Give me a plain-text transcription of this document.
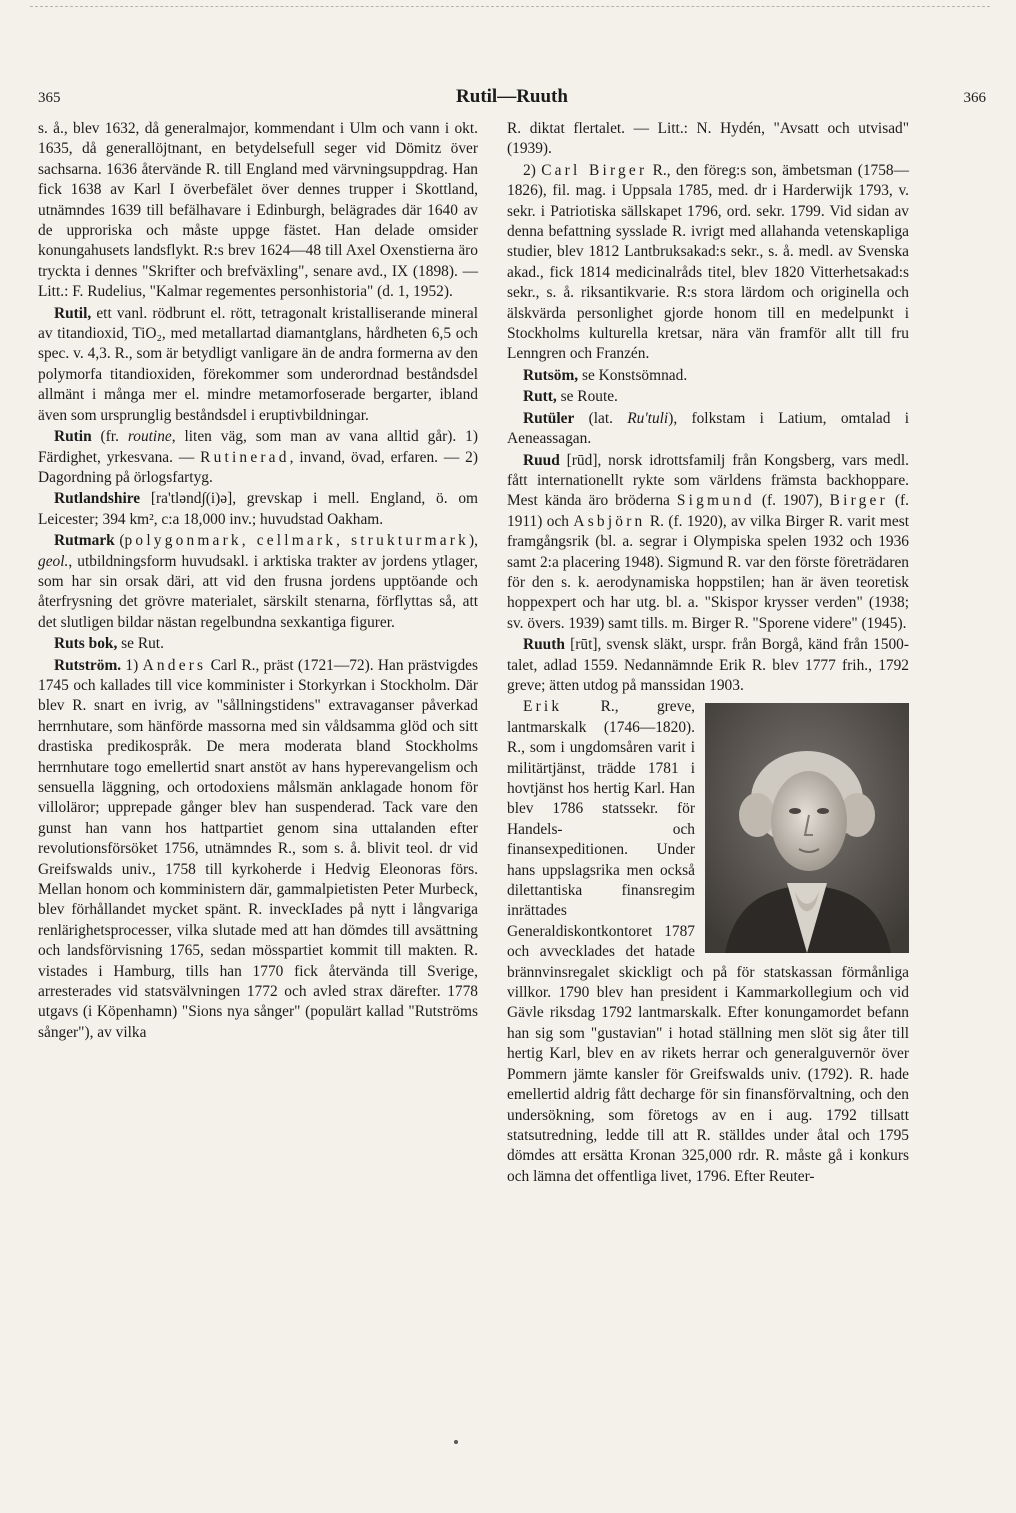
365	Rutil—Ruuth	366

s. å., blev 1632, då generalmajor, kommendant i Ulm och vann i okt. 1635, då generallöjtnant, en betydelsefull seger vid Dömitz över sachsarna. 1636 återvände R. till England med värvningsuppdrag. Han fick 1638 av Karl I överbefälet över dennes trupper i Skottland, utnämndes 1639 till befälhavare i Edinburgh, belägrades där 1640 av de upproriska och måste uppge fästet. Han delade omsider konungahusets landsflykt. R:s brev 1624—48 till Axel Oxenstierna äro tryckta i dennes "Skrifter och brefväxling", senare avd., IX (1898). — Litt.: F. Rudelius, "Kalmar regementes personhistoria" (d. 1, 1952).

Rutil, ett vanl. rödbrunt el. rött, tetragonalt kristalliserande mineral av titandioxid, TiO₂, med metallartad diamantglans, hårdheten 6,5 och spec. v. 4,3. R., som är betydligt vanligare än de andra formerna av den polymorfa titandioxiden, förekommer som underordnad beståndsdel allmänt i många mer el. mindre metamorfoserade bergarter, ibland även som ursprunglig beståndsdel i eruptivbildningar.

Rutin (fr. routine, liten väg, som man av vana alltid går). 1) Färdighet, yrkesvana. — Rutinerad, invand, övad, erfaren. — 2) Dagordning på örlogsfartyg.

Rutlandshire [ra'tlənd∫(i)ə], grevskap i mell. England, ö. om Leicester; 394 km², c:a 18,000 inv.; huvudstad Oakham.

Rutmark (polygonmark, cellmark, strukturmark), geol., utbildningsform huvudsakl. i arktiska trakter av jordens ytlager, som har sin orsak däri, att vid den frusna jordens upptöande och återfrysning det grövre materialet, särskilt stenarna, förflyttas så, att det slutligen bildar nästan regelbundna sexkantiga figurer.

Ruts bok, se Rut.

Rutström. 1) Anders Carl R., präst (1721—72). Han prästvigdes 1745 och kallades till vice komminister i Storkyrkan i Stockholm. Där blev R. snart en ivrig, av "sållningstidens" extravaganser påverkad herrnhutare, som hänförde massorna med sin våldsamma glöd och sitt drastiska predikospråk. De mera moderata bland Stockholms herrnhutare togo emellertid snart anstöt av hans hyperevangelism och sensuella läggning, och ortodoxiens målsmän anklagade honom för villoläror; upprepade gånger blev han suspenderad. Tack vare den gunst han vann hos hattpartiet genom sina uttalanden efter revolutionsförsöket 1756, utnämndes R., som s. å. blivit teol. dr vid Greifswalds univ., 1758 till kyrkoherde i Hedvig Eleonoras förs. Mellan honom och komministern där, gammalpietisten Peter Murbeck, blev förhållandet mycket spänt. R. inveckIades på nytt i långvariga renlärighetsprocesser, vilka slutade med att han dömdes till avsättning och landsförvisning 1765, sedan mösspartiet kommit till makten. R. vistades i Hamburg, tills han 1770 fick återvända till Sverige, arresterades vid statsvälvningen 1772 och avled strax därefter. 1778 utgavs (i Köpenhamn) "Sions nya sånger" (populärt kallad "Rutströms sånger"), av vilka

R. diktat flertalet. — Litt.: N. Hydén, "Avsatt och utvisad" (1939).

2) Carl Birger R., den föreg:s son, ämbetsman (1758—1826), fil. mag. i Uppsala 1785, med. dr i Harderwijk 1793, v. sekr. i Patriotiska sällskapet 1796, ord. sekr. 1799. Vid sidan av denna befattning sysslade R. ivrigt med allahanda vetenskapliga studier, blev 1812 Lantbruksakad:s sekr., s. å. medl. av Svenska akad., fick 1814 medicinalråds titel, blev 1820 Vitterhetsakad:s sekr., s. å. riksantikvarie. R:s stora lärdom och originella och älskvärda personlighet gjorde honom till en medelpunkt i Stockholms kulturella kretsar, nära vän framför allt till fru Lenngren och Franzén.

Rutsöm, se Konstsömnad.

Rutt, se Route.

Rutüler (lat. Ru'tuli), folkstam i Latium, omtalad i Aeneassagan.

Ruud [rūd], norsk idrottsfamilj från Kongsberg, vars medl. fått internationellt rykte som världens främsta backhoppare. Mest kända äro bröderna Sigmund (f. 1907), Birger (f. 1911) och Asbjörn R. (f. 1920), av vilka Birger R. varit mest framgångsrik (bl. a. segrar i Olympiska spelen 1932 och 1936 samt 2:a placering 1948). Sigmund R. var den förste företrädaren för den s. k. aerodynamiska hoppstilen; han är även teoretisk hoppexpert och har utg. bl. a. "Skispor krysser verden" (1938; sv. övers. 1939) samt tills. m. Birger R. "Sporene videre" (1945).

Ruuth [rūt], svensk släkt, urspr. från Borgå, känd från 1500-talet, adlad 1559. Nedannämnde Erik R. blev 1777 frih., 1792 greve; ätten utdog på manssidan 1903.

Erik R., greve, lantmarskalk (1746—1820). R., som i ungdomsåren varit i militärtjänst, trädde 1781 i hovtjänst hos hertig Karl. Han blev 1786 statssekr. för Handels- och finansexpeditionen. Under hans uppslagsrika men också dilettantiska finansregim inrättades Generaldiskontkontoret 1787 och avvecklades det hatade brännvinsregalet skickligt och på för statskassan förmånliga villkor. 1790 blev han president i Kammarkollegium och vid Gävle riksdag 1792 lantmarskalk. Efter konungamordet befann han sig som "gustavian" i hotad ställning men slöt sig åter till hertig Karl, blev en av rikets herrar och generalguvernör över Pommern jämte kansler för Greifswalds univ. (1792). R. hade emellertid aldrig fått decharge för sin finansförvaltning, och den undersökning, som företogs av en i aug. 1792 tillsatt statsutredning, ledde till att R. ställdes under åtal och 1795 dömdes att ersätta Kronan 325,000 rdr. R. måste gå i konkurs och lämna det offentliga livet, 1796. Efter Reuter-
